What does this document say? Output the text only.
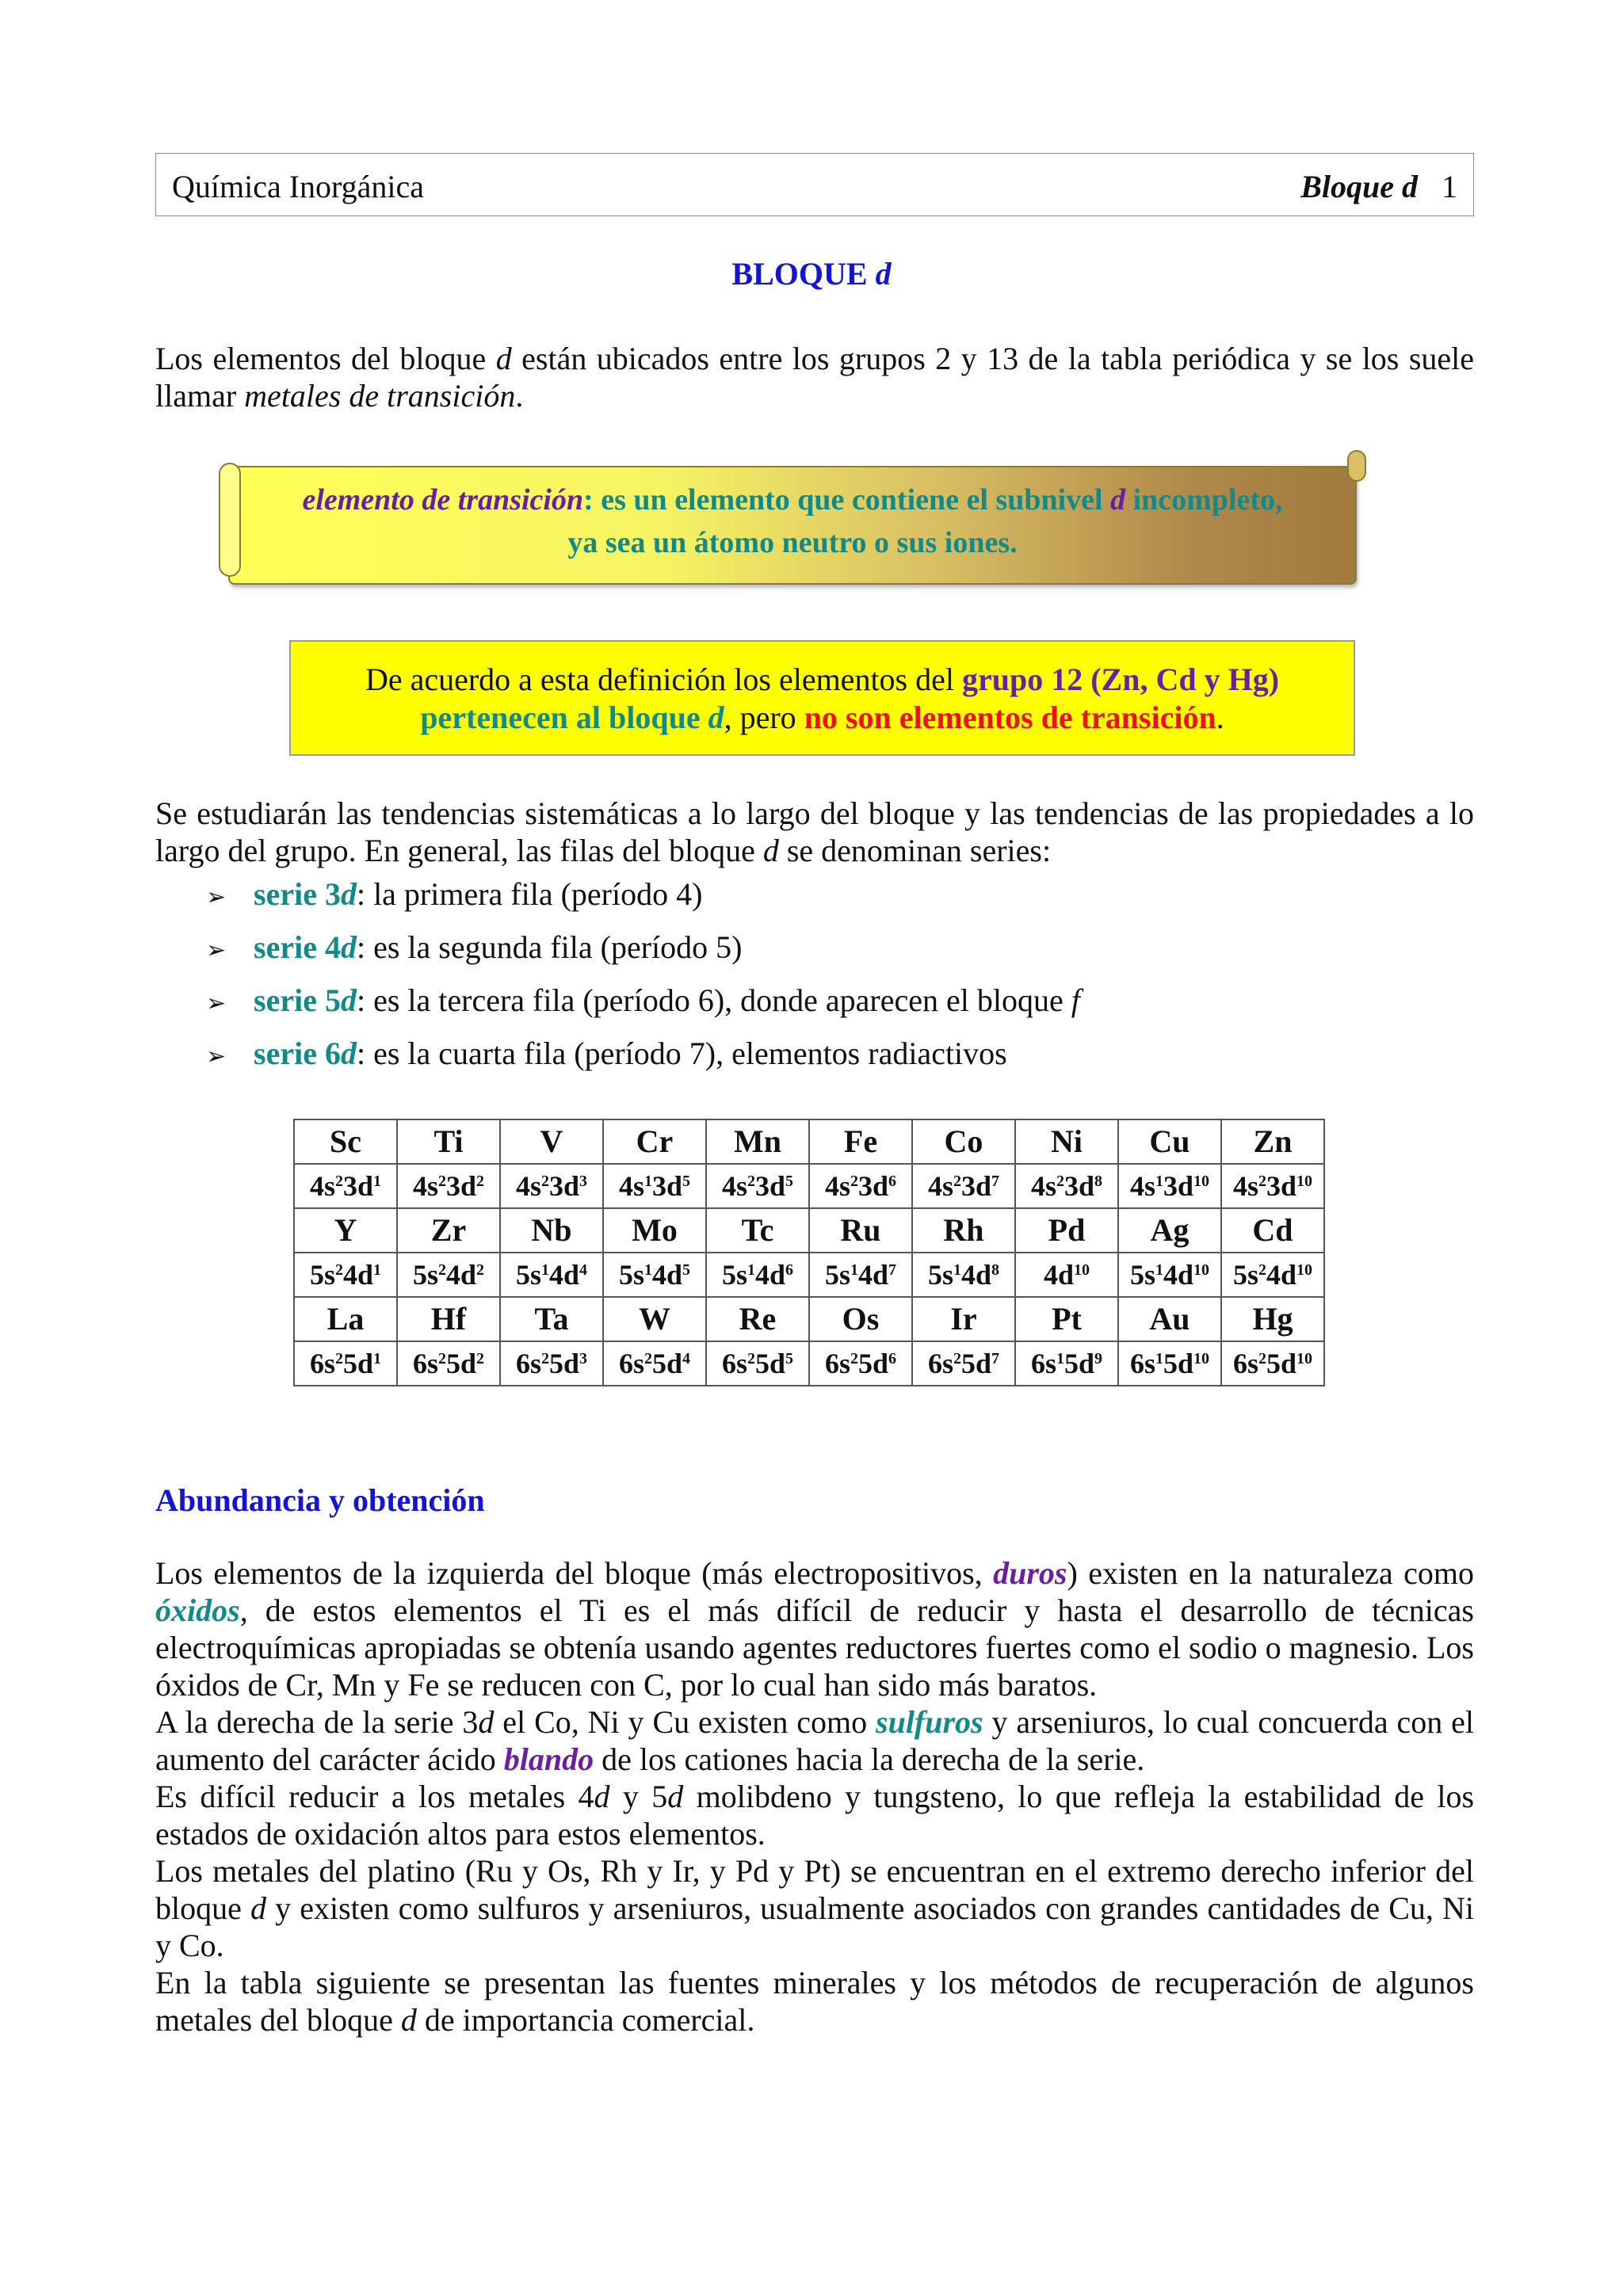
Química Inorgánica	Bloque d 1
BLOQUE d
Los elementos del bloque d están ubicados entre los grupos 2 y 13 de la tabla periódica y se los suele llamar metales de transición.
elemento de transición: es un elemento que contiene el subnivel d incompleto,
ya sea un átomo neutro o sus iones.
De acuerdo a esta definición los elementos del grupo 12 (Zn, Cd y Hg)
pertenecen al bloque d, pero no son elementos de transición.
Se estudiarán las tendencias sistemáticas a lo largo del bloque y las tendencias de las propiedades a lo largo del grupo. En general, las filas del bloque d se denominan series:
➢ serie 3d: la primera fila (período 4)
➢ serie 4d: es la segunda fila (período 5)
➢ serie 5d: es la tercera fila (período 6), donde aparecen el bloque f
➢ serie 6d: es la cuarta fila (período 7), elementos radiactivos
Sc	Ti	V	Cr	Mn	Fe	Co	Ni	Cu	Zn
$4s^23d^1$	$4s^23d^2$	$4s^23d^3$	$4s^13d^5$	$4s^23d^5$	$4s^23d^6$	$4s^23d^7$	$4s^23d^8$	$4s^13d^{10}$	$4s^23d^{10}$
Y	Zr	Nb	Mo	Tc	Ru	Rh	Pd	Ag	Cd
$5s^24d^1$	$5s^24d^2$	$5s^14d^4$	$5s^14d^5$	$5s^14d^6$	$5s^14d^7$	$5s^14d^8$	$4d^{10}$	$5s^14d^{10}$	$5s^24d^{10}$
La	Hf	Ta	W	Re	Os	Ir	Pt	Au	Hg
$6s^25d^1$	$6s^25d^2$	$6s^25d^3$	$6s^25d^4$	$6s^25d^5$	$6s^25d^6$	$6s^25d^7$	$6s^15d^9$	$6s^15d^{10}$	$6s^25d^{10}$
Abundancia y obtención
Los elementos de la izquierda del bloque (más electropositivos, duros) existen en la naturaleza como óxidos, de estos elementos el Ti es el más difícil de reducir y hasta el desarrollo de técnicas electroquímicas apropiadas se obtenía usando agentes reductores fuertes como el sodio o magnesio. Los óxidos de Cr, Mn y Fe se reducen con C, por lo cual han sido más baratos.
A la derecha de la serie 3d el Co, Ni y Cu existen como sulfuros y arseniuros, lo cual concuerda con el aumento del carácter ácido blando de los cationes hacia la derecha de la serie.
Es difícil reducir a los metales 4d y 5d molibdeno y tungsteno, lo que refleja la estabilidad de los estados de oxidación altos para estos elementos.
Los metales del platino (Ru y Os, Rh y Ir, y Pd y Pt) se encuentran en el extremo derecho inferior del bloque d y existen como sulfuros y arseniuros, usualmente asociados con grandes cantidades de Cu, Ni y Co.
En la tabla siguiente se presentan las fuentes minerales y los métodos de recuperación de algunos metales del bloque d de importancia comercial.
